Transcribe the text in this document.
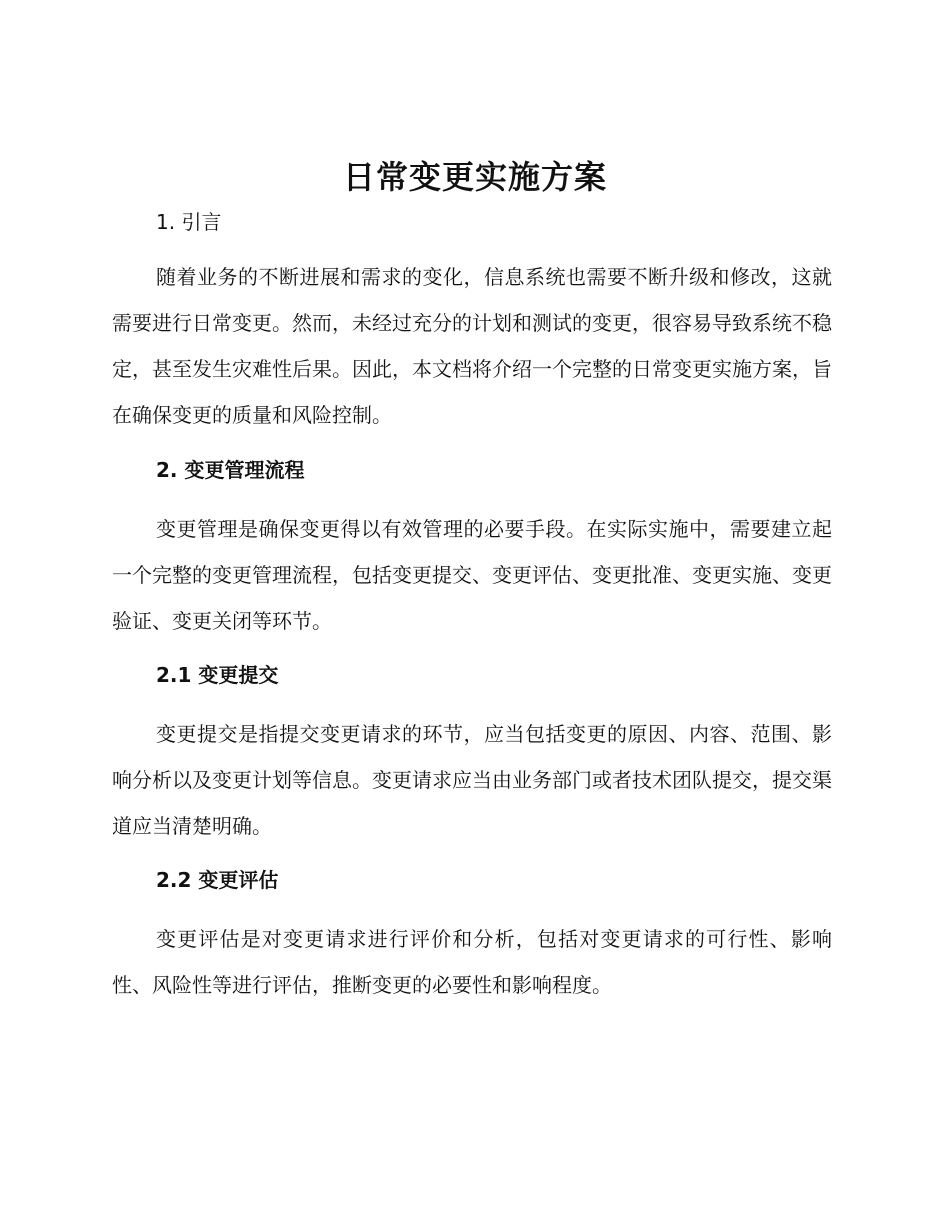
日常变更实施方案
1. 引言

随着业务的不断进展和需求的变化，信息系统也需要不断升级和修改，这就需要进行日常变更。然而，未经过充分的计划和测试的变更，很容易导致系统不稳定，甚至发生灾难性后果。因此，本文档将介绍一个完整的日常变更实施方案，旨在确保变更的质量和风险控制。

2. 变更管理流程

变更管理是确保变更得以有效管理的必要手段。在实际实施中，需要建立起一个完整的变更管理流程，包括变更提交、变更评估、变更批准、变更实施、变更验证、变更关闭等环节。

2.1 变更提交

变更提交是指提交变更请求的环节，应当包括变更的原因、内容、范围、影响分析以及变更计划等信息。变更请求应当由业务部门或者技术团队提交，提交渠道应当清楚明确。

2.2 变更评估

变更评估是对变更请求进行评价和分析，包括对变更请求的可行性、影响性、风险性等进行评估，推断变更的必要性和影响程度。
